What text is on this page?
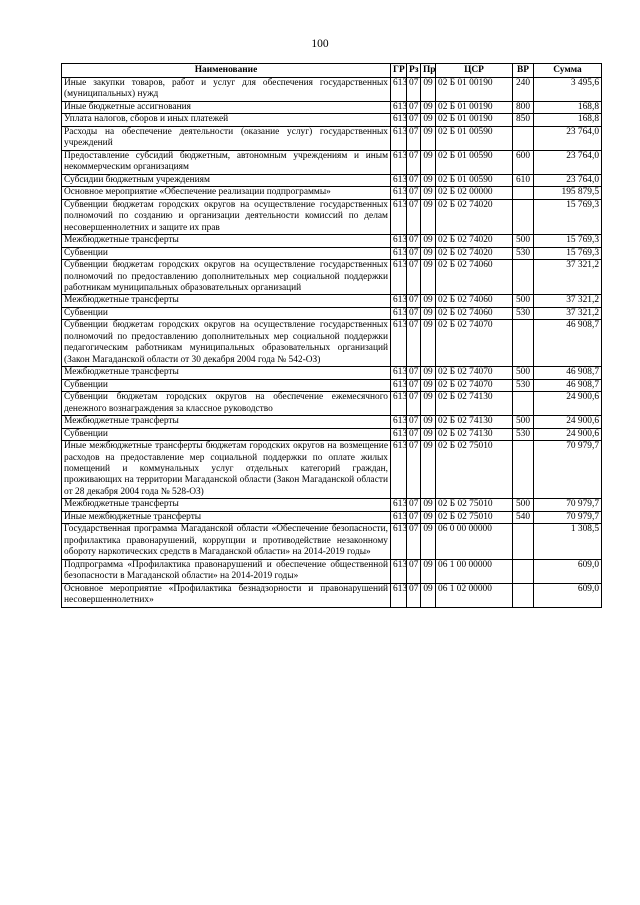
100
Наименование	ГР	Рз	Пр	ЦСР	ВР	Сумма
Иные закупки товаров, работ и услуг для обеспечения государственных (муниципальных) нужд	613	07	09	02 Б 01 00190	240	3 495,6
Иные бюджетные ассигнования	613	07	09	02 Б 01 00190	800	168,8
Уплата налогов, сборов и иных платежей	613	07	09	02 Б 01 00190	850	168,8
Расходы на обеспечение деятельности (оказание услуг) государственных учреждений	613	07	09	02 Б 01 00590		23 764,0
Предоставление субсидий бюджетным, автономным учреждениям и иным некоммерческим организациям	613	07	09	02 Б 01 00590	600	23 764,0
Субсидии бюджетным учреждениям	613	07	09	02 Б 01 00590	610	23 764,0
Основное мероприятие «Обеспечение реализации подпрограммы»	613	07	09	02 Б 02 00000		195 879,5
Субвенции бюджетам городских округов на осуществление государственных полномочий по созданию и организации деятельности комиссий по делам несовершеннолетних и защите их прав	613	07	09	02 Б 02 74020		15 769,3
Межбюджетные трансферты	613	07	09	02 Б 02 74020	500	15 769,3
Субвенции	613	07	09	02 Б 02 74020	530	15 769,3
Субвенции бюджетам городских округов на осуществление государственных полномочий по предоставлению дополнительных мер социальной поддержки работникам муниципальных образовательных организаций	613	07	09	02 Б 02 74060		37 321,2
Межбюджетные трансферты	613	07	09	02 Б 02 74060	500	37 321,2
Субвенции	613	07	09	02 Б 02 74060	530	37 321,2
Субвенции бюджетам городских округов на осуществление государственных полномочий по предоставлению дополнительных мер социальной поддержки педагогическим работникам муниципальных образовательных организаций (Закон Магаданской области от 30 декабря 2004 года № 542-ОЗ)	613	07	09	02 Б 02 74070		46 908,7
Межбюджетные трансферты	613	07	09	02 Б 02 74070	500	46 908,7
Субвенции	613	07	09	02 Б 02 74070	530	46 908,7
Субвенции бюджетам городских округов на обеспечение ежемесячного денежного вознаграждения за классное руководство	613	07	09	02 Б 02 74130		24 900,6
Межбюджетные трансферты	613	07	09	02 Б 02 74130	500	24 900,6
Субвенции	613	07	09	02 Б 02 74130	530	24 900,6
Иные межбюджетные трансферты бюджетам городских округов на возмещение расходов на предоставление мер социальной поддержки по оплате жилых помещений и коммунальных услуг отдельных категорий граждан, проживающих на территории Магаданской области (Закон Магаданской области от 28 декабря 2004 года № 528-ОЗ)	613	07	09	02 Б 02 75010		70 979,7
Межбюджетные трансферты	613	07	09	02 Б 02 75010	500	70 979,7
Иные межбюджетные трансферты	613	07	09	02 Б 02 75010	540	70 979,7
Государственная программа Магаданской области «Обеспечение безопасности, профилактика правонарушений, коррупции и противодействие незаконному обороту наркотических средств в Магаданской области» на 2014-2019 годы»	613	07	09	06 0 00 00000		1 308,5
Подпрограмма «Профилактика правонарушений и обеспечение общественной безопасности в Магаданской области» на 2014-2019 годы»	613	07	09	06 1 00 00000		609,0
Основное мероприятие «Профилактика безнадзорности и правонарушений несовершеннолетних»	613	07	09	06 1 02 00000		609,0
